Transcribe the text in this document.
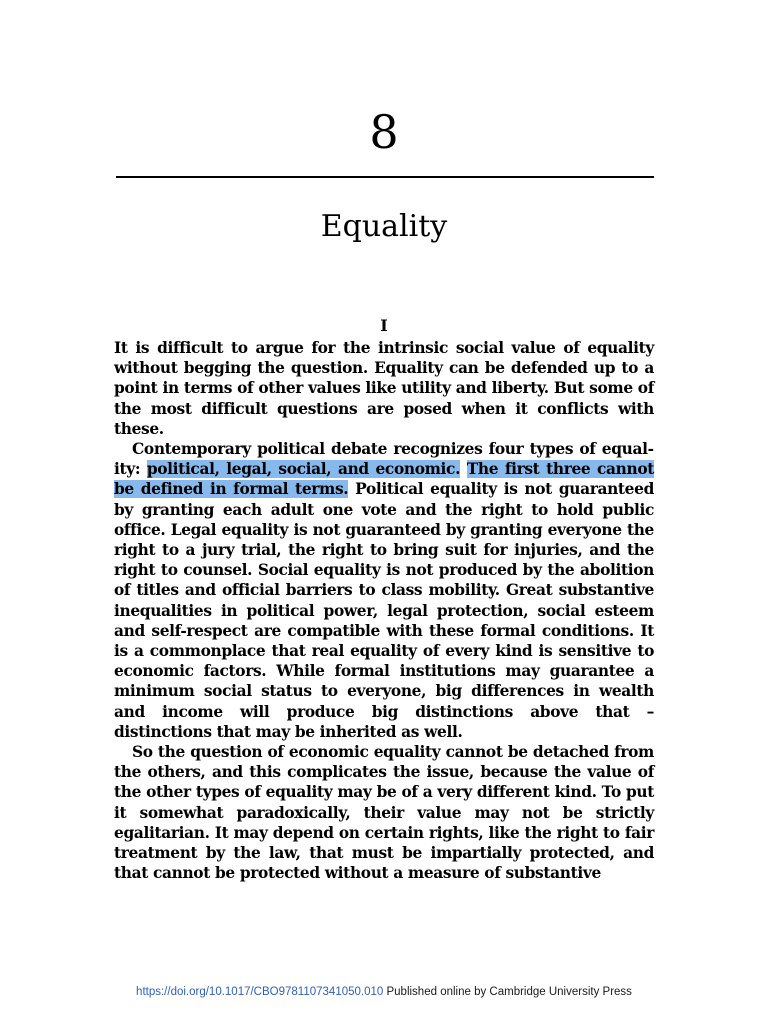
8
Equality
I

It is difficult to argue for the intrinsic social value of equality without begging the question. Equality can be defended up to a point in terms of other values like utility and liberty. But some of the most difficult questions are posed when it conflicts with these.

Contemporary political debate recognizes four types of equality: political, legal, social, and economic. The first three cannot be defined in formal terms. Political equality is not guaranteed by granting each adult one vote and the right to hold public office. Legal equality is not guaranteed by granting everyone the right to a jury trial, the right to bring suit for injuries, and the right to counsel. Social equality is not produced by the abolition of titles and official barriers to class mobility. Great substantive inequalities in political power, legal protection, social esteem and self-respect are compatible with these formal conditions. It is a commonplace that real equality of every kind is sensitive to economic factors. While formal institutions may guarantee a minimum social status to everyone, big differences in wealth and income will produce big distinctions above that – distinctions that may be inherited as well.

So the question of economic equality cannot be detached from the others, and this complicates the issue, because the value of the other types of equality may be of a very different kind. To put it somewhat paradoxically, their value may not be strictly egalitarian. It may depend on certain rights, like the right to fair treatment by the law, that must be impartially protected, and that cannot be protected without a measure of substantive

https://doi.org/10.1017/CBO9781107341050.010 Published online by Cambridge University Press
